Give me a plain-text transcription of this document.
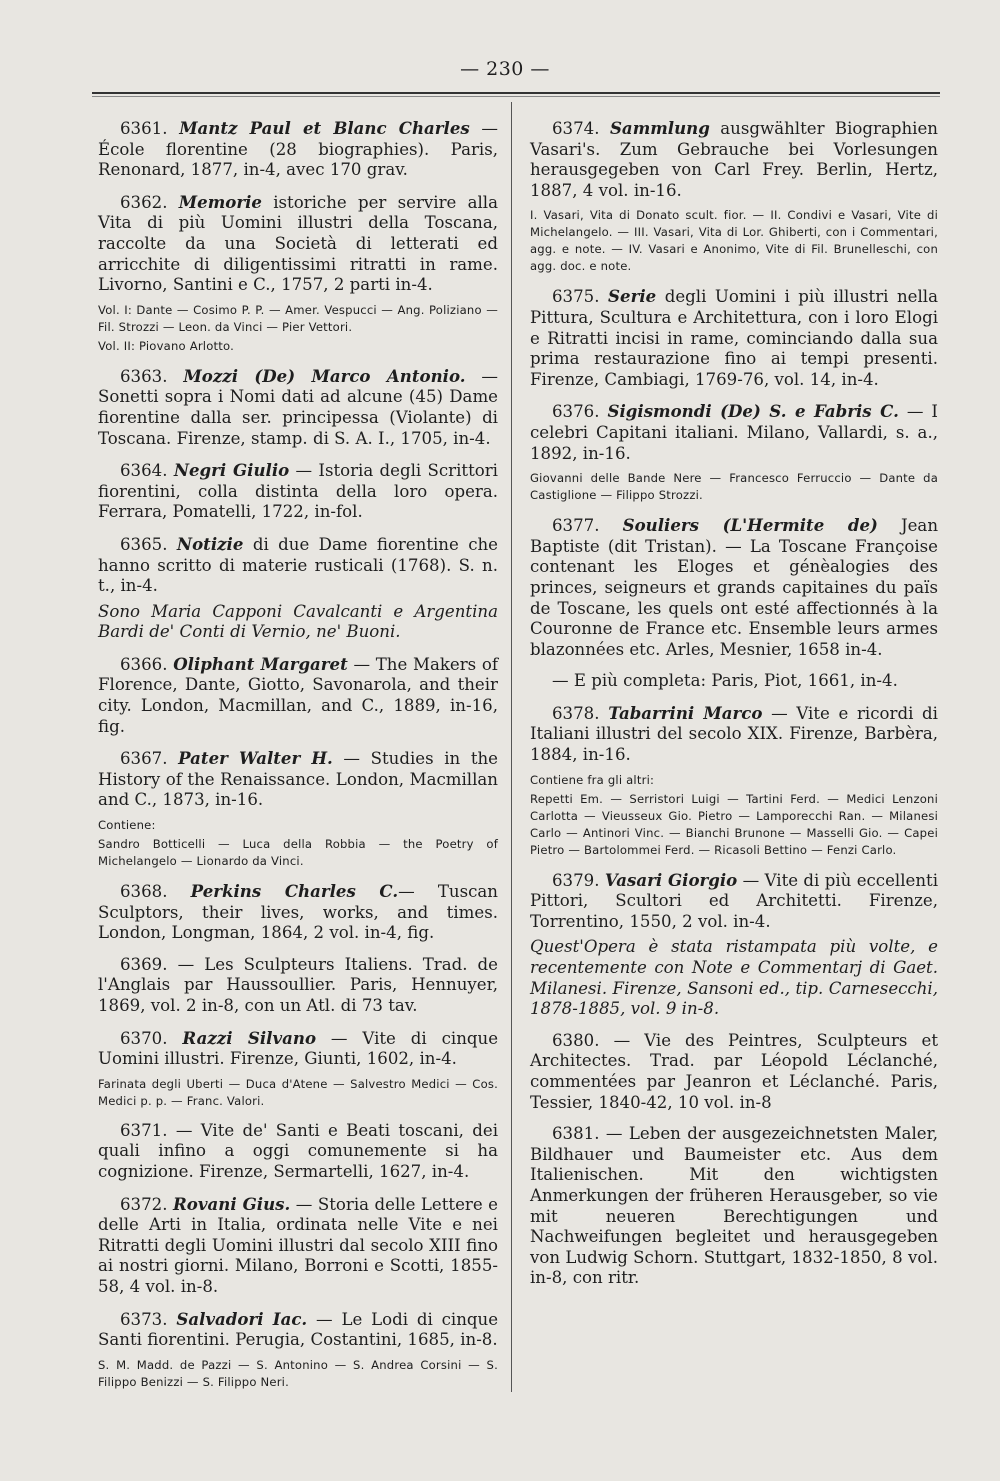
— 230 —

6361. Mantz Paul et Blanc Charles — École florentine (28 biographies). Paris, Renonard, 1877, in-4, avec 170 grav.

6362. Memorie istoriche per servire alla Vita di più Uomini illustri della Toscana, raccolte da una Società di letterati ed arricchite di diligentissimi ritratti in rame. Livorno, Santini e C., 1757, 2 parti in-4.

Vol. I: Dante — Cosimo P. P. — Amer. Vespucci — Ang. Poliziano — Fil. Strozzi — Leon. da Vinci — Pier Vettori.

Vol. II: Piovano Arlotto.

6363. Mozzi (De) Marco Antonio. — Sonetti sopra i Nomi dati ad alcune (45) Dame fiorentine dalla ser. principessa (Violante) di Toscana. Firenze, stamp. di S. A. I., 1705, in-4.

6364. Negri Giulio — Istoria degli Scrittori fiorentini, colla distinta della loro opera. Ferrara, Pomatelli, 1722, in-fol.

6365. Notizie di due Dame fiorentine che hanno scritto di materie rusticali (1768). S. n. t., in-4.

Sono Maria Capponi Cavalcanti e Argentina Bardi de' Conti di Vernio, ne' Buoni.

6366. Oliphant Margaret — The Makers of Florence, Dante, Giotto, Savonarola, and their city. London, Macmillan, and C., 1889, in-16, fig.

6367. Pater Walter H. — Studies in the History of the Renaissance. London, Macmillan and C., 1873, in-16.

Contiene:

Sandro Botticelli — Luca della Robbia — the Poetry of Michelangelo — Lionardo da Vinci.

6368. Perkins Charles C.— Tuscan Sculptors, their lives, works, and times. London, Longman, 1864, 2 vol. in-4, fig.

6369. — Les Sculpteurs Italiens. Trad. de l'Anglais par Haussoullier. Paris, Hennuyer, 1869, vol. 2 in-8, con un Atl. di 73 tav.

6370. Razzi Silvano — Vite di cinque Uomini illustri. Firenze, Giunti, 1602, in-4.

Farinata degli Uberti — Duca d'Atene — Salvestro Medici — Cos. Medici p. p. — Franc. Valori.

6371. — Vite de' Santi e Beati toscani, dei quali infino a oggi comunemente si ha cognizione. Firenze, Sermartelli, 1627, in-4.

6372. Rovani Gius. — Storia delle Lettere e delle Arti in Italia, ordinata nelle Vite e nei Ritratti degli Uomini illustri dal secolo XIII fino ai nostri giorni. Milano, Borroni e Scotti, 1855-58, 4 vol. in-8.

6373. Salvadori Iac. — Le Lodi di cinque Santi fiorentini. Perugia, Costantini, 1685, in-8.

S. M. Madd. de Pazzi — S. Antonino — S. Andrea Corsini — S. Filippo Benizzi — S. Filippo Neri.

6374. Sammlung ausgwählter Biographien Vasari's. Zum Gebrauche bei Vorlesungen herausgegeben von Carl Frey. Berlin, Hertz, 1887, 4 vol. in-16.

I. Vasari, Vita di Donato scult. fior. — II. Condivi e Vasari, Vite di Michelangelo. — III. Vasari, Vita di Lor. Ghiberti, con i Commentari, agg. e note. — IV. Vasari e Anonimo, Vite di Fil. Brunelleschi, con agg. doc. e note.

6375. Serie degli Uomini i più illustri nella Pittura, Scultura e Architettura, con i loro Elogi e Ritratti incisi in rame, cominciando dalla sua prima restaurazione fino ai tempi presenti. Firenze, Cambiagi, 1769-76, vol. 14, in-4.

6376. Sigismondi (De) S. e Fabris C. — I celebri Capitani italiani. Milano, Vallardi, s. a., 1892, in-16.

Giovanni delle Bande Nere — Francesco Ferruccio — Dante da Castiglione — Filippo Strozzi.

6377. Souliers (L'Hermite de) Jean Baptiste (dit Tristan). — La Toscane Françoise contenant les Eloges et génèalogies des princes, seigneurs et grands capitaines du païs de Toscane, les quels ont esté affectionnés à la Couronne de France etc. Ensemble leurs armes blazonnées etc. Arles, Mesnier, 1658 in-4.

— E più completa: Paris, Piot, 1661, in-4.

6378. Tabarrini Marco — Vite e ricordi di Italiani illustri del secolo XIX. Firenze, Barbèra, 1884, in-16.

Contiene fra gli altri:

Repetti Em. — Serristori Luigi — Tartini Ferd. — Medici Lenzoni Carlotta — Vieusseux Gio. Pietro — Lamporecchi Ran. — Milanesi Carlo — Antinori Vinc. — Bianchi Brunone — Masselli Gio. — Capei Pietro — Bartolommei Ferd. — Ricasoli Bettino — Fenzi Carlo.

6379. Vasari Giorgio — Vite di più eccellenti Pittori, Scultori ed Architetti. Firenze, Torrentino, 1550, 2 vol. in-4.

Quest'Opera è stata ristampata più volte, e recentemente con Note e Commentarj di Gaet. Milanesi. Firenze, Sansoni ed., tip. Carnesecchi, 1878-1885, vol. 9 in-8.

6380. — Vie des Peintres, Sculpteurs et Architectes. Trad. par Léopold Léclanché, commentées par Jeanron et Léclanché. Paris, Tessier, 1840-42, 10 vol. in-8

6381. — Leben der ausgezeichnetsten Maler, Bildhauer und Baumeister etc. Aus dem Italienischen. Mit den wichtigsten Anmerkungen der früheren Herausgeber, so vie mit neueren Berechtigungen und Nachweifungen begleitet und herausgegeben von Ludwig Schorn. Stuttgart, 1832-1850, 8 vol. in-8, con ritr.
